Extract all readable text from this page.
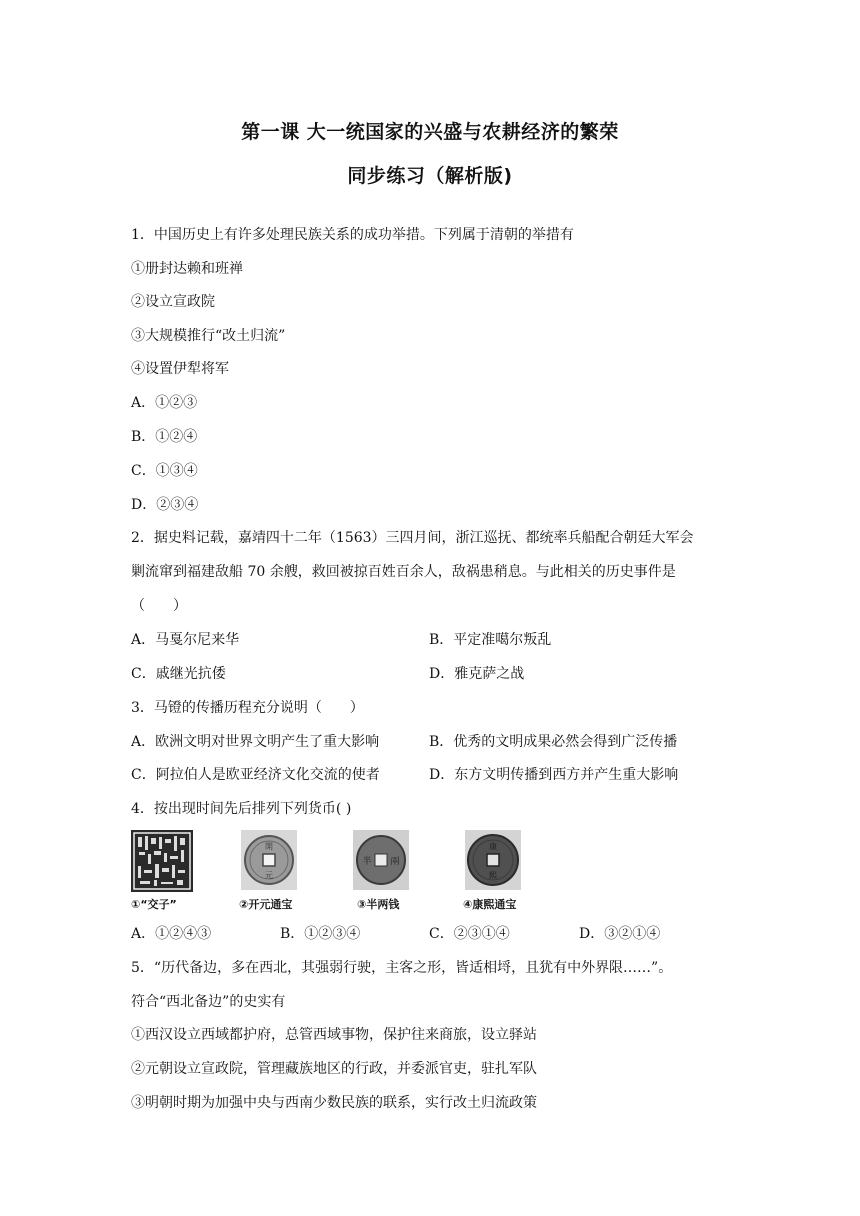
第一课 大一统国家的兴盛与农耕经济的繁荣
同步练习（解析版)
1．中国历史上有许多处理民族关系的成功举措。下列属于清朝的举措有
①册封达赖和班禅
②设立宣政院
③大规模推行“改土归流”
④设置伊犁将军
A．①②③
B．①②④
C．①③④
D．②③④
2．据史料记载，嘉靖四十二年（1563）三四月间，浙江巡抚、都统率兵船配合朝廷大军会
剿流窜到福建敌船 70 余艘，救回被掠百姓百余人，敌祸患稍息。与此相关的历史事件是
（　　）
A．马戛尔尼来华	B．平定准噶尔叛乱
C．戚继光抗倭	D．雅克萨之战
3．马镫的传播历程充分说明（　　）
A．欧洲文明对世界文明产生了重大影响	B．优秀的文明成果必然会得到广泛传播
C．阿拉伯人是欧亚经济文化交流的使者	D．东方文明传播到西方并产生重大影响
4．按出现时间先后排列下列货币( )
開
元
半 兩
康
熙
①“交子”	②开元通宝	③半两钱	④康熙通宝
A．①②④③	B．①②③④	C．②③①④	D．③②①④
5．“历代备边，多在西北，其强弱行驶，主客之形，皆适相埒，且犹有中外界限……”。
符合“西北备边”的史实有
①西汉设立西域都护府，总管西域事物，保护往来商旅，设立驿站
②元朝设立宣政院，管理藏族地区的行政，并委派官吏，驻扎军队
③明朝时期为加强中央与西南少数民族的联系，实行改土归流政策
